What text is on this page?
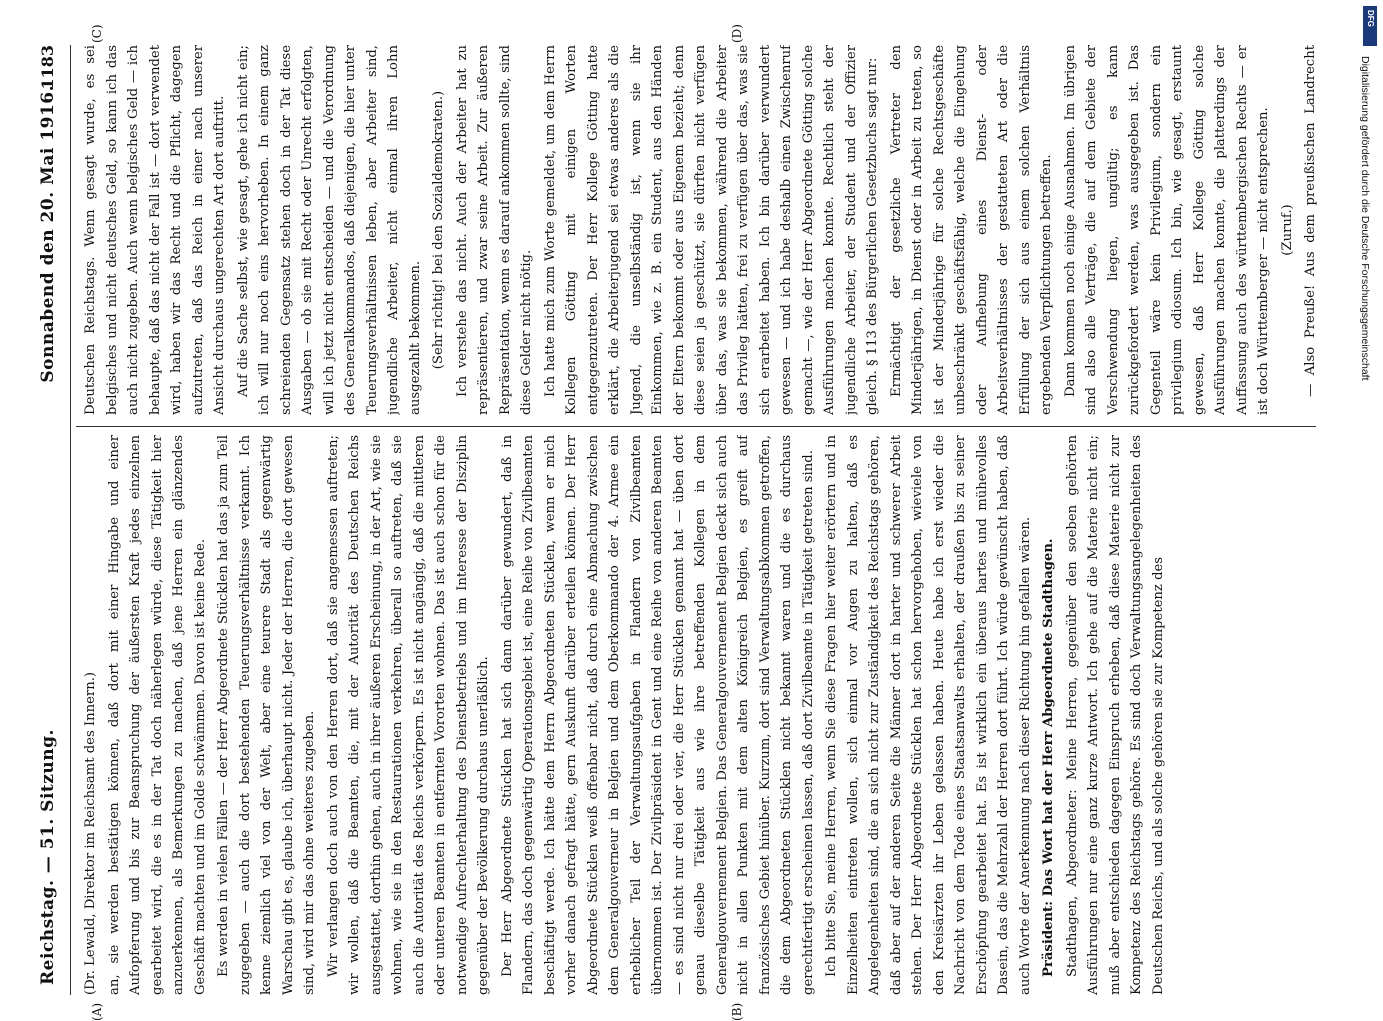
Reichstag. — 51. Sitzung.
Sonnabend den 20. Mai 1916.
1183
(A)	(B)
(C)	(D)

(Dr. Lewald, Direktor im Reichsamt des Innern.) an, sie werden bestätigen können, daß dort mit einer Hingabe und einer Aufopferung und bis zur Beanspruchung der äußersten Kraft jedes einzelnen gearbeitet wird, die es in der Tat doch näherlegen würde, diese Tätigkeit hier anzuerkennen, als Bemerkungen zu machen, daß jene Herren ein glänzendes Geschäft machten und im Golde schwämmen. Davon ist keine Rede. Es werden in vielen Fällen — der Herr Abgeordnete Stücklen hat das ja zum Teil zugegeben — auch die dort bestehenden Teuerungsverhältnisse verkannt. Ich kenne ziemlich viel von der Welt, aber eine teurere Stadt als gegenwärtig Warschau gibt es, glaube ich, überhaupt nicht. Jeder der Herren, die dort gewesen sind, wird mir das ohne weiteres zugeben. Wir verlangen doch auch von den Herren dort, daß sie angemessen auftreten; wir wollen, daß die Beamten, die, mit der Autorität des Deutschen Reichs ausgestattet, dorthin gehen, auch in ihrer äußeren Erscheinung, in der Art, wie sie wohnen, wie sie in den Restaurationen verkehren, überall so auftreten, daß sie auch die Autorität des Reichs verkörpern. Es ist nicht angängig, daß die mittleren oder unteren Beamten in entfernten Vororten wohnen. Das ist auch schon für die notwendige Aufrechterhaltung des Dienstbetriebs und im Interesse der Disziplin gegenüber der Bevölkerung durchaus unerläßlich. Der Herr Abgeordnete Stücklen hat sich dann darüber gewundert, daß in Flandern, das doch gegenwärtig Operationsgebiet ist, eine Reihe von Zivilbeamten beschäftigt werde. Ich hätte dem Herrn Abgeordneten Stücklen, wenn er mich vorher danach gefragt hätte, gern Auskunft darüber erteilen können. Der Herr Abgeordnete Stücklen weiß offenbar nicht, daß durch eine Abmachung zwischen dem Generalgouverneur in Belgien und dem Oberkommando der 4. Armee ein erheblicher Teil der Verwaltungsaufgaben in Flandern von Zivilbeamten übernommen ist. Der Zivilpräsident in Gent und eine Reihe von anderen Beamten — es sind nicht nur drei oder vier, die Herr Stücklen genannt hat — üben dort genau dieselbe Tätigkeit aus wie ihre betreffenden Kollegen in dem Generalgouvernement Belgien. Das Generalgouvernement Belgien deckt sich auch nicht in allen Punkten mit dem alten Königreich Belgien, es greift auf französisches Gebiet hinüber. Kurzum, dort sind Verwaltungsabkommen getroffen, die dem Abgeordneten Stücklen nicht bekannt waren und die es durchaus gerechtfertigt erscheinen lassen, daß dort Zivilbeamte in Tätigkeit getreten sind. Ich bitte Sie, meine Herren, wenn Sie diese Fragen hier weiter erörtern und in Einzelheiten eintreten wollen, sich einmal vor Augen zu halten, daß es Angelegenheiten sind, die an sich nicht zur Zuständigkeit des Reichstags gehören, daß aber auf der anderen Seite die Männer dort in harter und schwerer Arbeit stehen. Der Herr Abgeordnete Stücklen hat schon hervorgehoben, wieviele von den Kreisärzten ihr Leben gelassen haben. Heute habe ich erst wieder die Nachricht von dem Tode eines Staatsanwalts erhalten, der draußen bis zu seiner Erschöpfung gearbeitet hat. Es ist wirklich ein überaus hartes und mühevolles Dasein, das die Mehrzahl der Herren dort führt. Ich würde gewünscht haben, daß auch Worte der Anerkennung nach dieser Richtung hin gefallen wären. Präsident: Das Wort hat der Herr Abgeordnete Stadthagen. Stadthagen, Abgeordneter: Meine Herren, gegenüber den soeben gehörten Ausführungen nur eine ganz kurze Antwort. Ich gehe auf die Materie nicht ein; muß aber entschieden dagegen Einspruch erheben, daß diese Materie nicht zur Kompetenz des Reichstags gehöre. Es sind doch Verwaltungsangelegenheiten des Deutschen Reichs, und als solche gehören sie zur Kompetenz des

Deutschen Reichstags. Wenn gesagt wurde, es sei belgisches und nicht deutsches Geld, so kann ich das auch nicht zugeben. Auch wenn belgisches Geld — ich behaupte, daß das nicht der Fall ist — dort verwendet wird, haben wir das Recht und die Pflicht, dagegen aufzutreten, daß das Reich in einer nach unserer Ansicht durchaus ungerechten Art dort auftritt. Auf die Sache selbst, wie gesagt, gehe ich nicht ein; ich will nur noch eins hervorheben. In einem ganz schreienden Gegensatz stehen doch in der Tat diese Ausgaben — ob sie mit Recht oder Unrecht erfolgten, will ich jetzt nicht entscheiden — und die Verordnung des Generalkommandos, daß diejenigen, die hier unter Teuerungsverhältnissen leben, aber Arbeiter sind, jugendliche Arbeiter, nicht einmal ihren Lohn ausgezahlt bekommen. (Sehr richtig! bei den Sozialdemokraten.) Ich verstehe das nicht. Auch der Arbeiter hat zu repräsentieren, und zwar seine Arbeit. Zur äußeren Repräsentation, wenn es darauf ankommen sollte, sind diese Gelder nicht nötig. Ich hatte mich zum Worte gemeldet, um dem Herrn Kollegen Götting mit einigen Worten entgegenzutreten. Der Herr Kollege Götting hatte erklärt, die Arbeiterjugend sei etwas anderes als die Jugend, die unselbständig ist, wenn sie ihr Einkommen, wie z. B. ein Student, aus den Händen der Eltern bekommt oder aus Eigenem bezieht; denn diese seien ja geschützt, sie dürften nicht verfügen über das, was sie bekommen, während die Arbeiter das Privileg hätten, frei zu verfügen über das, was sie sich erarbeitet haben. Ich bin darüber verwundert gewesen — und ich habe deshalb einen Zwischenruf gemacht —, wie der Herr Abgeordnete Götting solche Ausführungen machen konnte. Rechtlich steht der jugendliche Arbeiter, der Student und der Offizier gleich. § 113 des Bürgerlichen Gesetzbuchs sagt nur: Ermächtigt der gesetzliche Vertreter den Minderjährigen, in Dienst oder in Arbeit zu treten, so ist der Minderjährige für solche Rechtsgeschäfte unbeschränkt geschäftsfähig, welche die Eingehung oder Aufhebung eines Dienst- oder Arbeitsverhältnisses der gestatteten Art oder die Erfüllung der sich aus einem solchen Verhältnis ergebenden Verpflichtungen betreffen. Dann kommen noch einige Ausnahmen. Im übrigen sind also alle Verträge, die auf dem Gebiete der Verschwendung liegen, ungültig; es kann zurückgefordert werden, was ausgegeben ist. Das Gegenteil wäre kein Privilegium, sondern ein privilegium odiosum. Ich bin, wie gesagt, erstaunt gewesen, daß Herr Kollege Götting solche Ausführungen machen konnte, die platterdings der Auffassung auch des württembergischen Rechts — er ist doch Württemberger — nicht entsprechen. (Zuruf.)

— Also Preuße! Aus dem preußischen Landrecht

DFG
Digitalisierung gefördert durch die Deutsche Forschungsgemeinschaft
